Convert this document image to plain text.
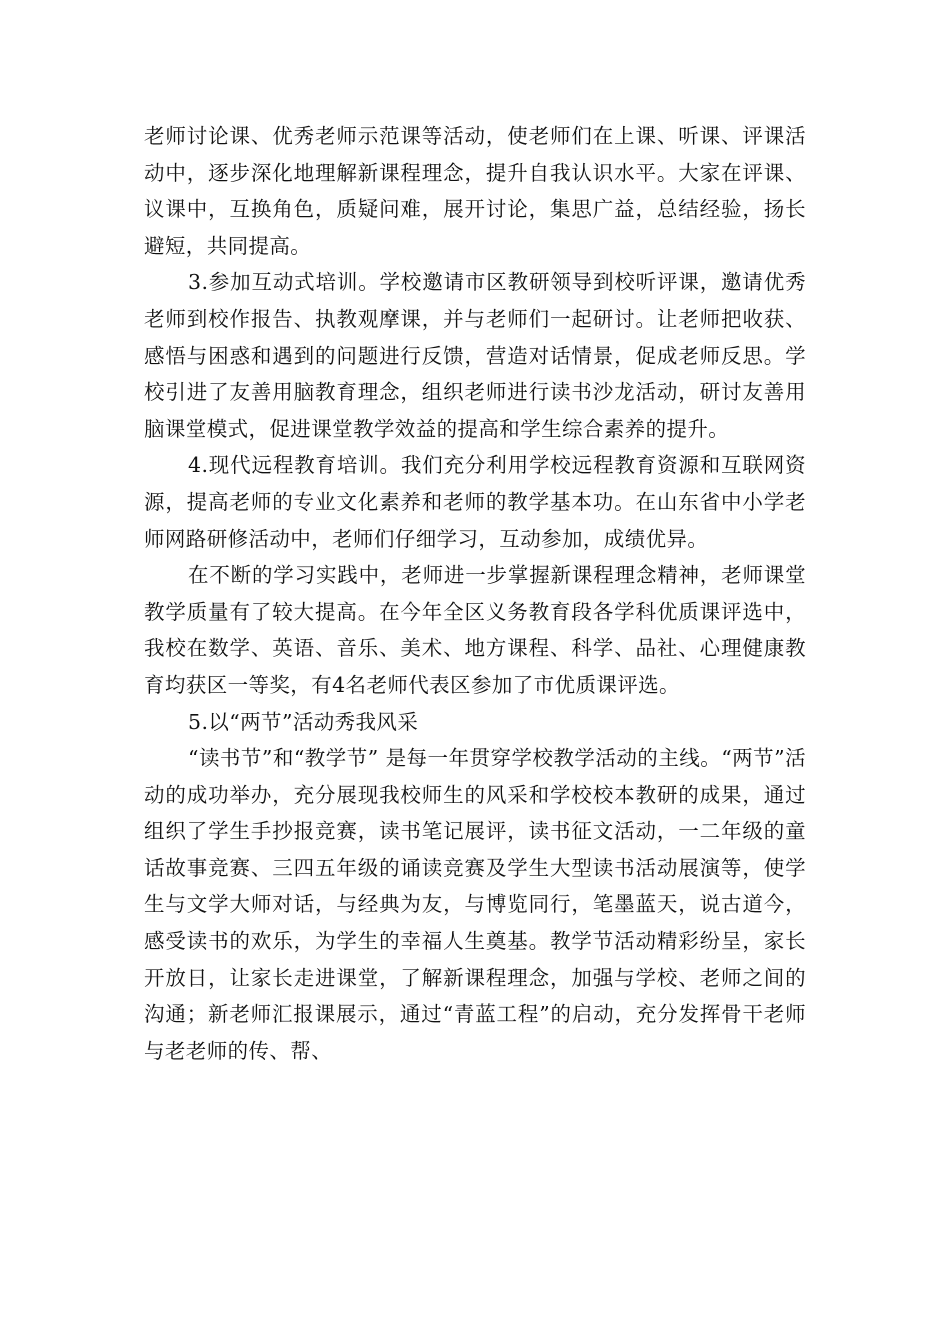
老师讨论课、优秀老师示范课等活动，使老师们在上课、听课、评课活动中，逐步深化地理解新课程理念，提升自我认识水平。大家在评课、议课中，互换角色，质疑问难，展开讨论，集思广益，总结经验，扬长避短，共同提高。

3.参加互动式培训。学校邀请市区教研领导到校听评课，邀请优秀老师到校作报告、执教观摩课，并与老师们一起研讨。让老师把收获、感悟与困惑和遇到的问题进行反馈，营造对话情景，促成老师反思。学校引进了友善用脑教育理念，组织老师进行读书沙龙活动，研讨友善用脑课堂模式，促进课堂教学效益的提高和学生综合素养的提升。

4.现代远程教育培训。我们充分利用学校远程教育资源和互联网资源，提高老师的专业文化素养和老师的教学基本功。在山东省中小学老师网路研修活动中，老师们仔细学习，互动参加，成绩优异。

在不断的学习实践中，老师进一步掌握新课程理念精神，老师课堂教学质量有了较大提高。在今年全区义务教育段各学科优质课评选中，我校在数学、英语、音乐、美术、地方课程、科学、品社、心理健康教育均获区一等奖，有4名老师代表区参加了市优质课评选。

5.以“两节”活动秀我风采

“读书节”和“教学节” 是每一年贯穿学校教学活动的主线。“两节”活动的成功举办，充分展现我校师生的风采和学校校本教研的成果，通过组织了学生手抄报竞赛，读书笔记展评，读书征文活动，一二年级的童话故事竞赛、三四五年级的诵读竞赛及学生大型读书活动展演等，使学生与文学大师对话，与经典为友，与博览同行，笔墨蓝天，说古道今，感受读书的欢乐，为学生的幸福人生奠基。教学节活动精彩纷呈，家长开放日，让家长走进课堂，了解新课程理念，加强与学校、老师之间的沟通；新老师汇报课展示，通过“青蓝工程”的启动，充分发挥骨干老师与老老师的传、帮、
